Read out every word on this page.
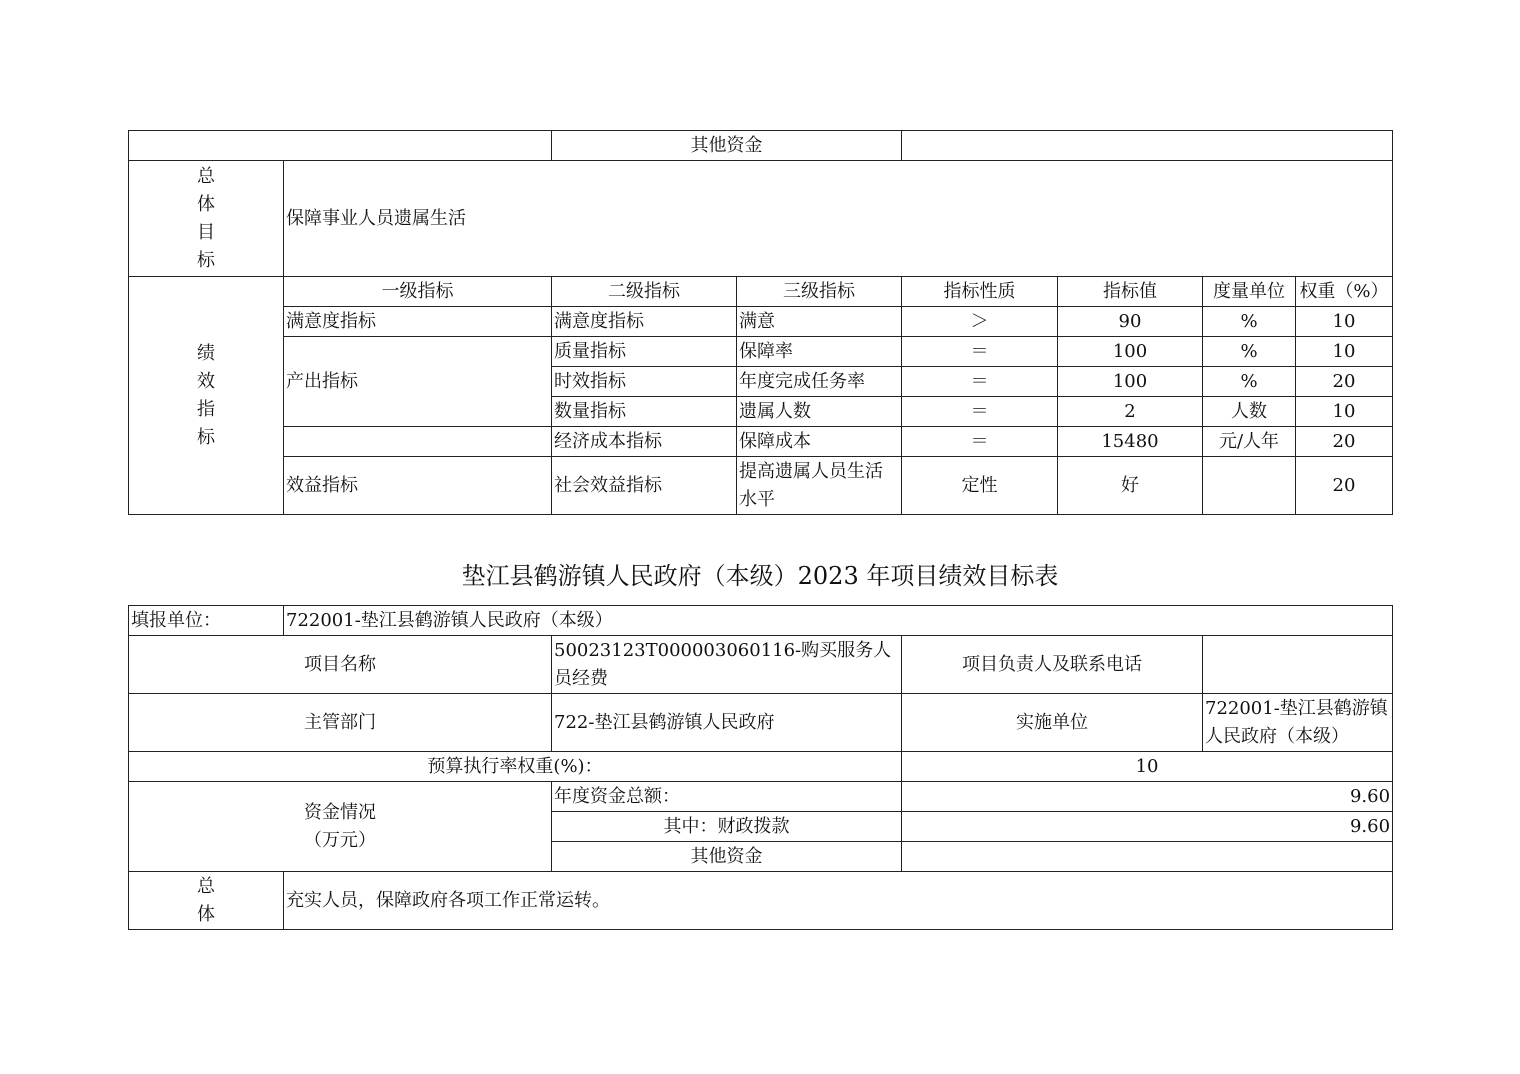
		其他资金					

总
体
目
标	保障事业人员遗属生活						

绩
效
指
标	一级指标	二级指标	三级指标	指标性质	指标值	度量单位	权重（%）
	满意度指标	满意度指标	满意	＞	90	%	10
	产出指标	质量指标	保障率	＝	100	%	10
		时效指标	年度完成任务率	＝	100	%	20
		数量指标	遗属人数	＝	2	人数	10
		经济成本指标	保障成本	＝	15480	元/人年	20
	效益指标	社会效益指标	提高遗属人员生活水平	定性	好		20
垫江县鹤游镇人民政府（本级）2023 年项目绩效目标表
填报单位：	722001-垫江县鹤游镇人民政府（本级）			
项目名称		50023123T000003060116-购买服务人员经费	项目负责人及联系电话	
主管部门		722-垫江县鹤游镇人民政府	实施单位	722001-垫江县鹤游镇人民政府（本级）
预算执行率权重(%)：			10	

资金情况
（万元）		年度资金总额：	9.60	
		其中：财政拨款	9.60	
		其他资金		

总
体	充实人员，保障政府各项工作正常运转。			
